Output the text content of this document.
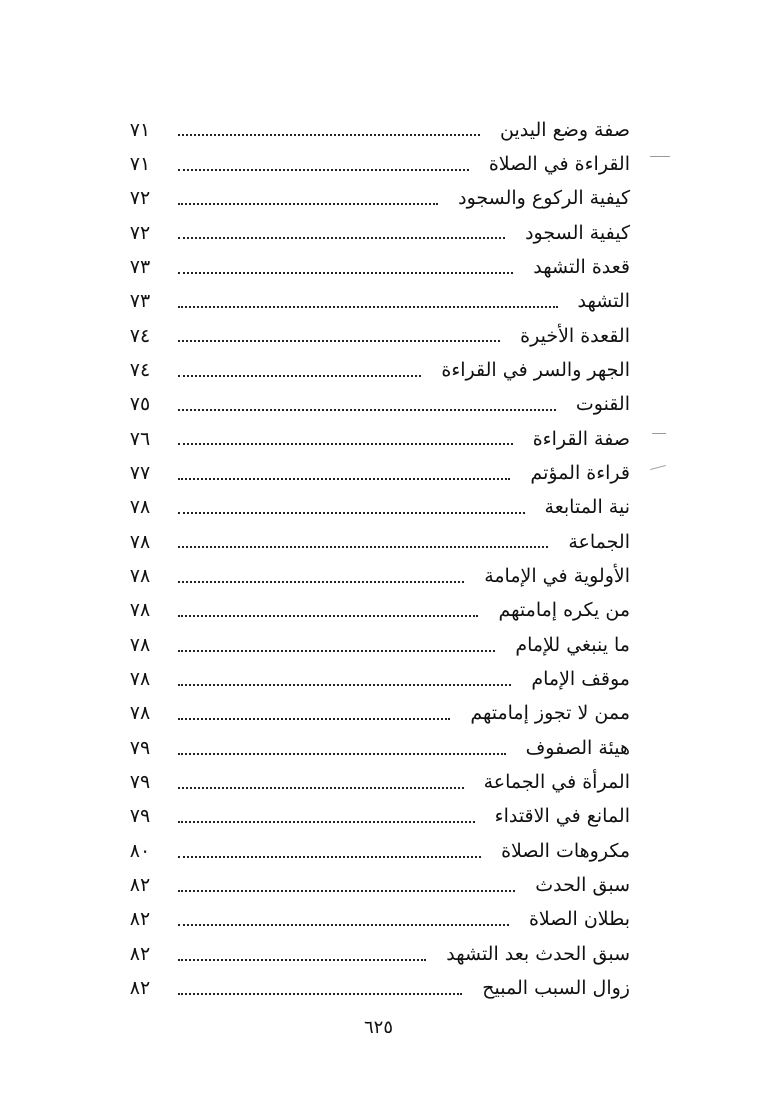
صفة وضع اليدين
٧١
القراءة في الصلاة
٧١
كيفية الركوع والسجود
٧٢
كيفية السجود
٧٢
قعدة التشهد
٧٣
التشهد
٧٣
القعدة الأخيرة
٧٤
الجهر والسر في القراءة
٧٤
القنوت
٧٥
صفة القراءة
٧٦
قراءة المؤتم
٧٧
نية المتابعة
٧٨
الجماعة
٧٨
الأولوية في الإمامة
٧٨
من يكره إمامتهم
٧٨
ما ينبغي للإمام
٧٨
موقف الإمام
٧٨
ممن لا تجوز إمامتهم
٧٨
هيئة الصفوف
٧٩
المرأة في الجماعة
٧٩
المانع في الاقتداء
٧٩
مكروهات الصلاة
٨٠
سبق الحدث
٨٢
بطلان الصلاة
٨٢
سبق الحدث بعد التشهد
٨٢
زوال السبب المبيح
٨٢
٦٢٥
